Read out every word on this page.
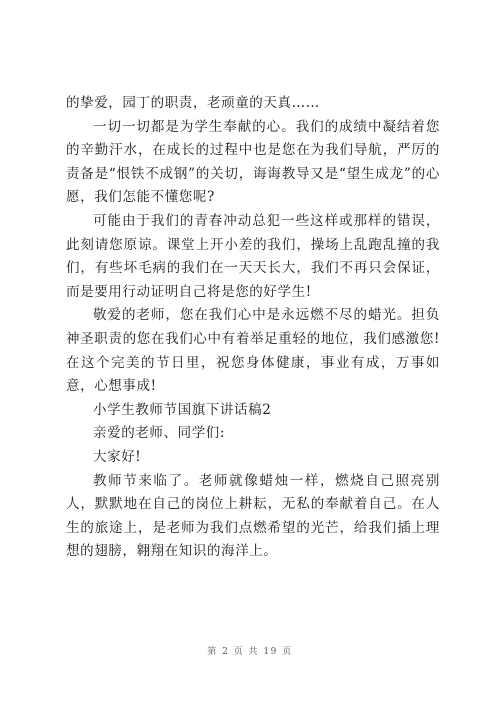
的挚爱，园丁的职责，老顽童的天真……

一切一切都是为学生奉献的心。我们的成绩中凝结着您的辛勤汗水，在成长的过程中也是您在为我们导航，严厉的责备是“恨铁不成钢”的关切，诲诲教导又是“望生成龙”的心愿，我们怎能不懂您呢?

可能由于我们的青春冲动总犯一些这样或那样的错误，此刻请您原谅。课堂上开小差的我们，操场上乱跑乱撞的我们，有些坏毛病的我们在一天天长大，我们不再只会保证，而是要用行动证明自己将是您的好学生!

敬爱的老师，您在我们心中是永远燃不尽的蜡光。担负神圣职责的您在我们心中有着举足重轻的地位，我们感激您!在这个完美的节日里，祝您身体健康，事业有成，万事如意，心想事成!

小学生教师节国旗下讲话稿2

亲爱的老师、同学们:

大家好!

教师节来临了。老师就像蜡烛一样，燃烧自己照亮别人，默默地在自己的岗位上耕耘，无私的奉献着自己。在人生的旅途上，是老师为我们点燃希望的光芒，给我们插上理想的翅膀，翱翔在知识的海洋上。

第 2 页 共 19 页
